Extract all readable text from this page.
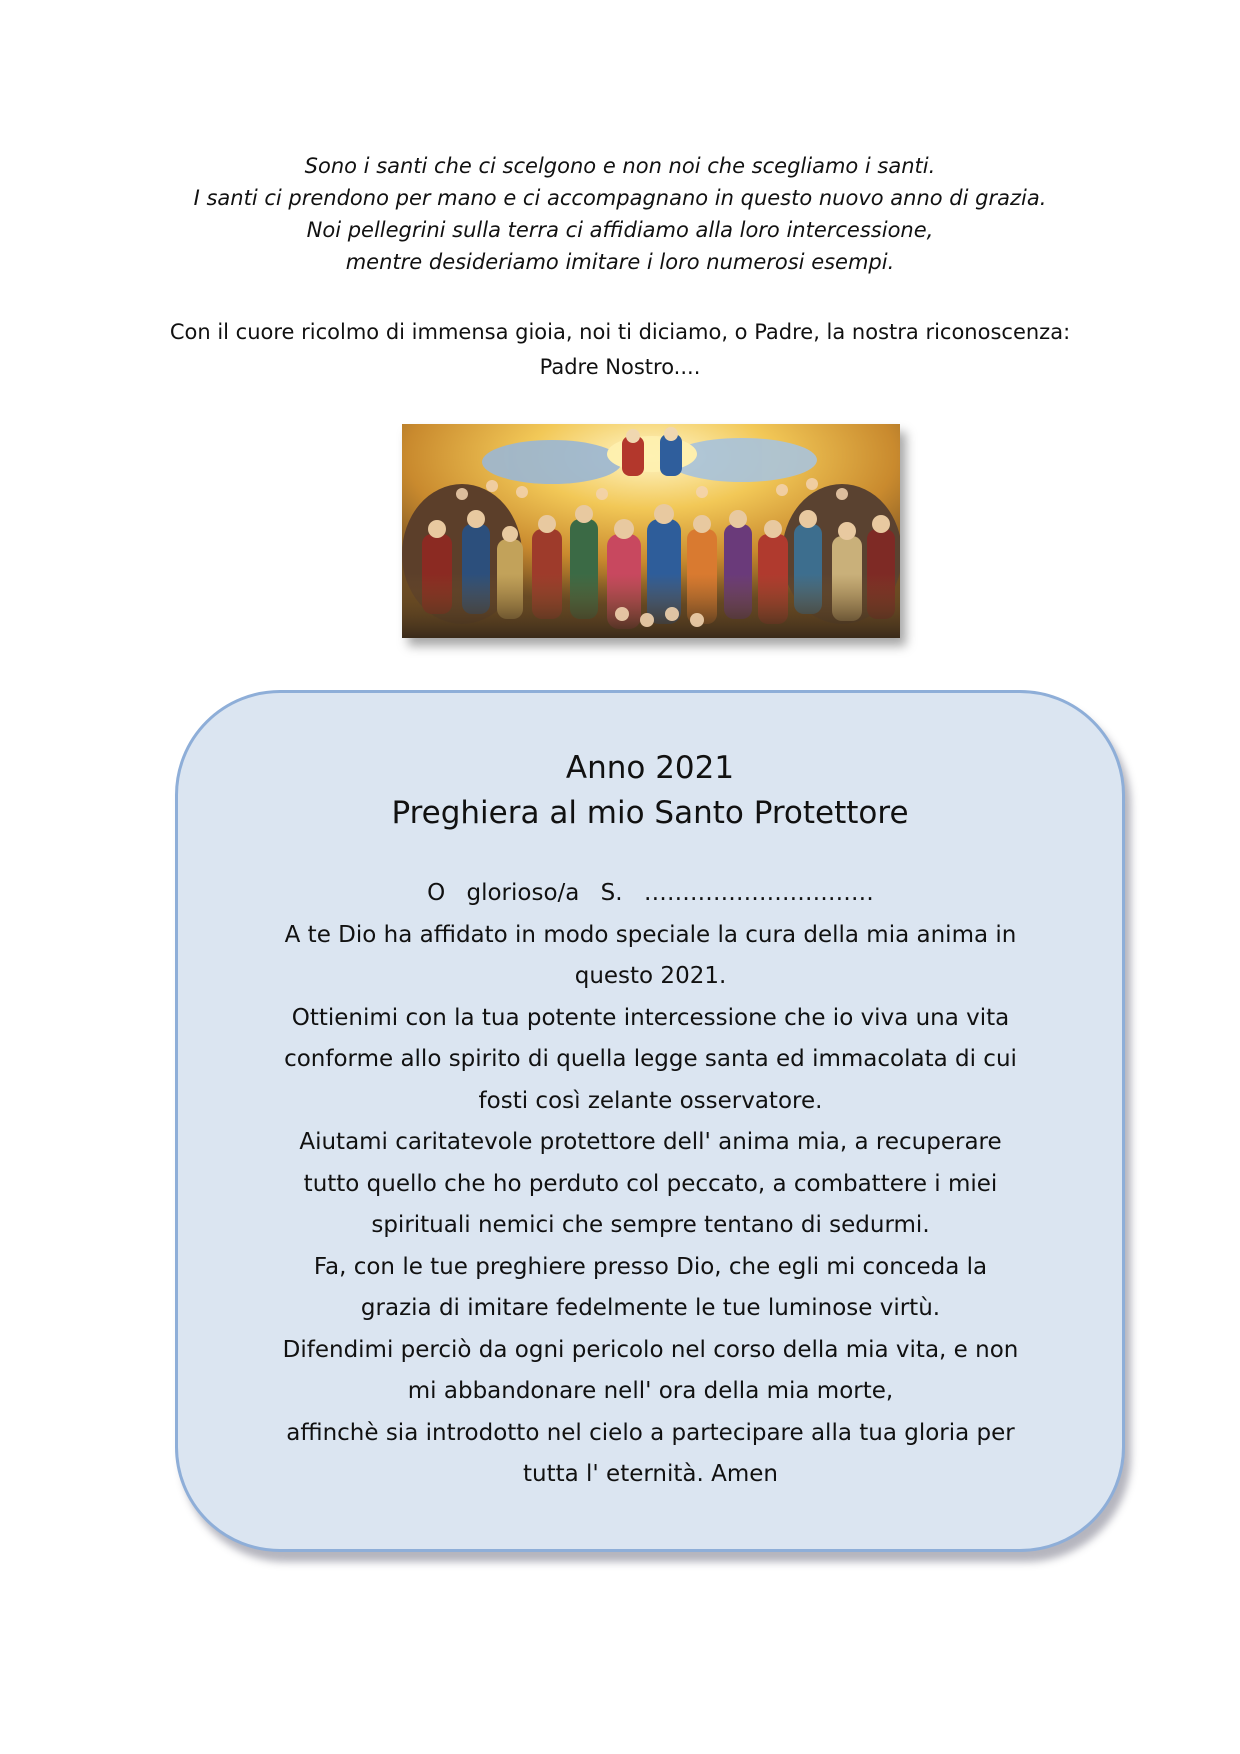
Sono i santi che ci scelgono e non noi che scegliamo i santi.
I santi ci prendono per mano e ci accompagnano in questo nuovo anno di grazia.
Noi pellegrini sulla terra ci affidiamo alla loro intercessione,
mentre desideriamo imitare i loro numerosi esempi.
Con il cuore ricolmo di immensa gioia, noi ti diciamo, o Padre, la nostra riconoscenza:
Padre Nostro....
Anno 2021
Preghiera al mio Santo Protettore
O glorioso/a S. …………………………
A te Dio ha affidato in modo speciale la cura della mia anima in
questo 2021.
Ottienimi con la tua potente intercessione che io viva una vita
conforme allo spirito di quella legge santa ed immacolata di cui
fosti così zelante osservatore.
Aiutami caritatevole protettore dell' anima mia, a recuperare
tutto quello che ho perduto col peccato, a combattere i miei
spirituali nemici che sempre tentano di sedurmi.
Fa, con le tue preghiere presso Dio, che egli mi conceda la
grazia di imitare fedelmente le tue luminose virtù.
Difendimi perciò da ogni pericolo nel corso della mia vita, e non
mi abbandonare nell' ora della mia morte,
affinchè sia introdotto nel cielo a partecipare alla tua gloria per
tutta l' eternità. Amen
